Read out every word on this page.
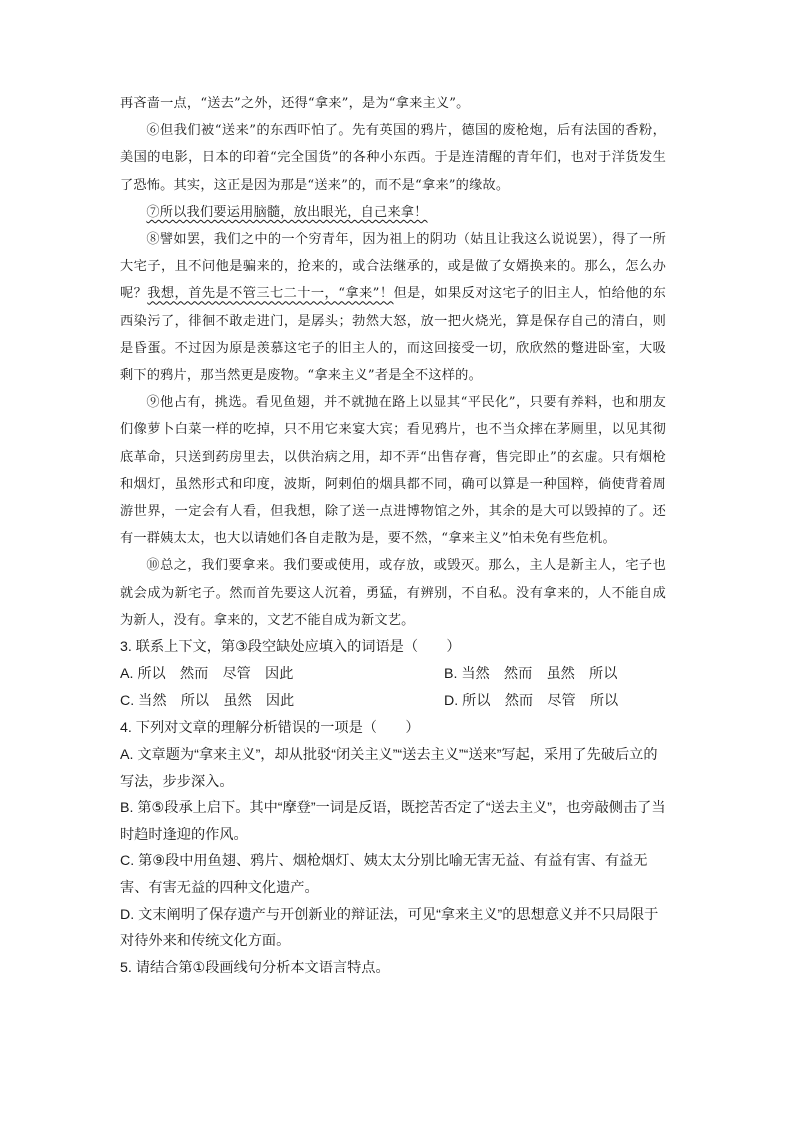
再吝啬一点，“送去”之外，还得“拿来”，是为“拿来主义”。

⑥但我们被“送来”的东西吓怕了。先有英国的鸦片，德国的废枪炮，后有法国的香粉，美国的电影，日本的印着“完全国货”的各种小东西。于是连清醒的青年们，也对于洋货发生了恐怖。其实，这正是因为那是“送来”的，而不是“拿来”的缘故。

⑦所以我们要运用脑髓，放出眼光，自己来拿！

⑧譬如罢，我们之中的一个穷青年，因为祖上的阴功（姑且让我这么说说罢），得了一所大宅子，且不问他是骗来的，抢来的，或合法继承的，或是做了女婿换来的。那么，怎么办呢？我想，首先是不管三七二十一，“拿来”！但是，如果反对这宅子的旧主人，怕给他的东西染污了，徘徊不敢走进门，是孱头；勃然大怒，放一把火烧光，算是保存自己的清白，则是昏蛋。不过因为原是羡慕这宅子的旧主人的，而这回接受一切，欣欣然的蹩进卧室，大吸剩下的鸦片，那当然更是废物。“拿来主义”者是全不这样的。

⑨他占有，挑选。看见鱼翅，并不就抛在路上以显其“平民化”，只要有养料，也和朋友们像萝卜白菜一样的吃掉，只不用它来宴大宾；看见鸦片，也不当众摔在茅厕里，以见其彻底革命，只送到药房里去，以供治病之用，却不弄“出售存膏，售完即止”的玄虚。只有烟枪和烟灯，虽然形式和印度，波斯，阿剌伯的烟具都不同，确可以算是一种国粹，倘使背着周游世界，一定会有人看，但我想，除了送一点进博物馆之外，其余的是大可以毁掉的了。还有一群姨太太，也大以请她们各自走散为是，要不然，“拿来主义”怕未免有些危机。

⑩总之，我们要拿来。我们要或使用，或存放，或毁灭。那么，主人是新主人，宅子也就会成为新宅子。然而首先要这人沉着，勇猛，有辨别，不自私。没有拿来的，人不能自成为新人，没有。拿来的，文艺不能自成为新文艺。

3. 联系上下文，第③段空缺处应填入的词语是（　　）

A. 所以　然而　尽管　因此	B. 当然　然而　虽然　所以
C. 当然　所以　虽然　因此	D. 所以　然而　尽管　所以

4. 下列对文章的理解分析错误的一项是（　　）

A. 文章题为“拿来主义”，却从批驳“闭关主义”“送去主义”“送来”写起，采用了先破后立的写法，步步深入。

B. 第⑤段承上启下。其中“摩登”一词是反语，既挖苦否定了“送去主义”，也旁敲侧击了当时趋时逢迎的作风。

C. 第⑨段中用鱼翅、鸦片、烟枪烟灯、姨太太分别比喻无害无益、有益有害、有益无害、有害无益的四种文化遗产。

D. 文末阐明了保存遗产与开创新业的辩证法，可见“拿来主义”的思想意义并不只局限于对待外来和传统文化方面。

5. 请结合第①段画线句分析本文语言特点。
